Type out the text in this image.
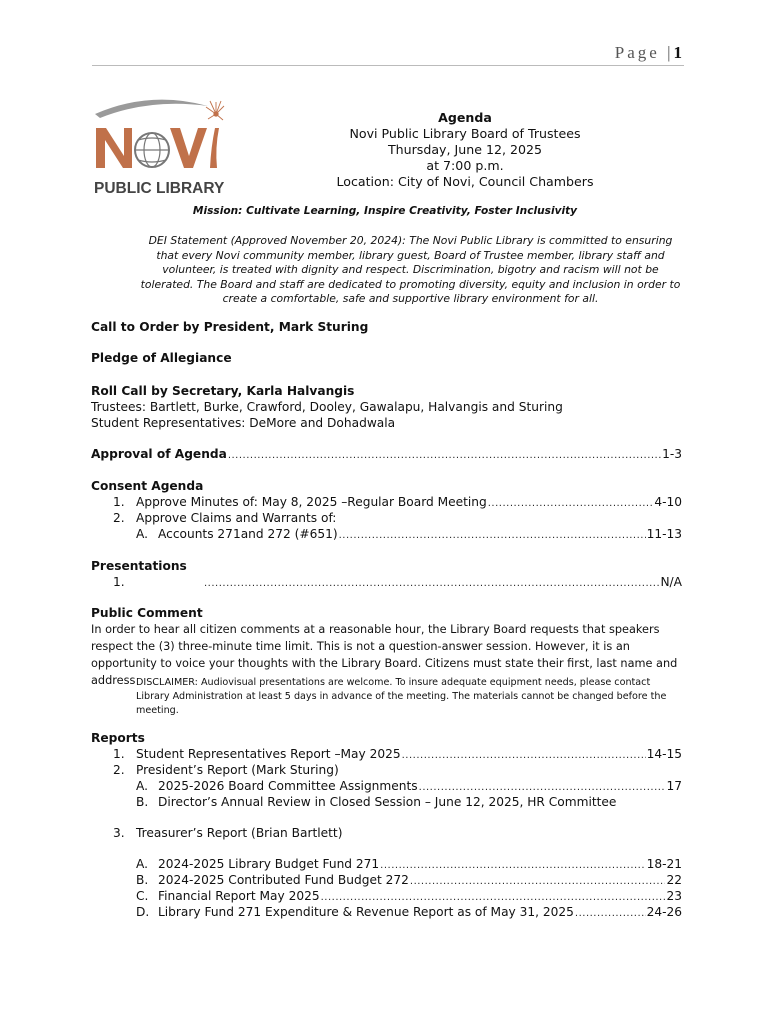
Page |1
PUBLIC LIBRARY
Agenda
Novi Public Library Board of Trustees
Thursday, June 12, 2025
at 7:00 p.m.
Location: City of Novi, Council Chambers
Mission: Cultivate Learning, Inspire Creativity, Foster Inclusivity
DEI Statement (Approved November 20, 2024): The Novi Public Library is committed to ensuring that every Novi community member, library guest, Board of Trustee member, library staff and volunteer, is treated with dignity and respect. Discrimination, bigotry and racism will not be tolerated. The Board and staff are dedicated to promoting diversity, equity and inclusion in order to create a comfortable, safe and supportive library environment for all.
Call to Order by President, Mark Sturing
Pledge of Allegiance
Roll Call by Secretary, Karla Halvangis
Trustees: Bartlett, Burke, Crawford, Dooley, Gawalapu, Halvangis and Sturing
Student Representatives: DeMore and Dohadwala
Approval of Agenda .....	1-3
Consent Agenda
1. Approve Minutes of: May 8, 2025 –Regular Board Meeting .....	4-10
2. Approve Claims and Warrants of:
A. Accounts 271and 272 (#651) .....	11-13
Presentations
1. .....	N/A
Public Comment
In order to hear all citizen comments at a reasonable hour, the Library Board requests that speakers respect the (3) three-minute time limit. This is not a question-answer session. However, it is an opportunity to voice your thoughts with the Library Board. Citizens must state their first, last name and address DISCLAIMER: Audiovisual presentations are welcome. To insure adequate equipment needs, please contact Library Administration at least 5 days in advance of the meeting. The materials cannot be changed before the meeting.
Reports
1. Student Representatives Report –May 2025 .....	14-15
2. President’s Report (Mark Sturing)
A. 2025-2026 Board Committee Assignments .....	17
B. Director’s Annual Review in Closed Session – June 12, 2025, HR Committee
3. Treasurer’s Report (Brian Bartlett)
A. 2024-2025 Library Budget Fund 271 .....	18-21
B. 2024-2025 Contributed Fund Budget 272 .....	22
C. Financial Report May 2025 .....	23
D. Library Fund 271 Expenditure & Revenue Report as of May 31, 2025 .....	24-26
